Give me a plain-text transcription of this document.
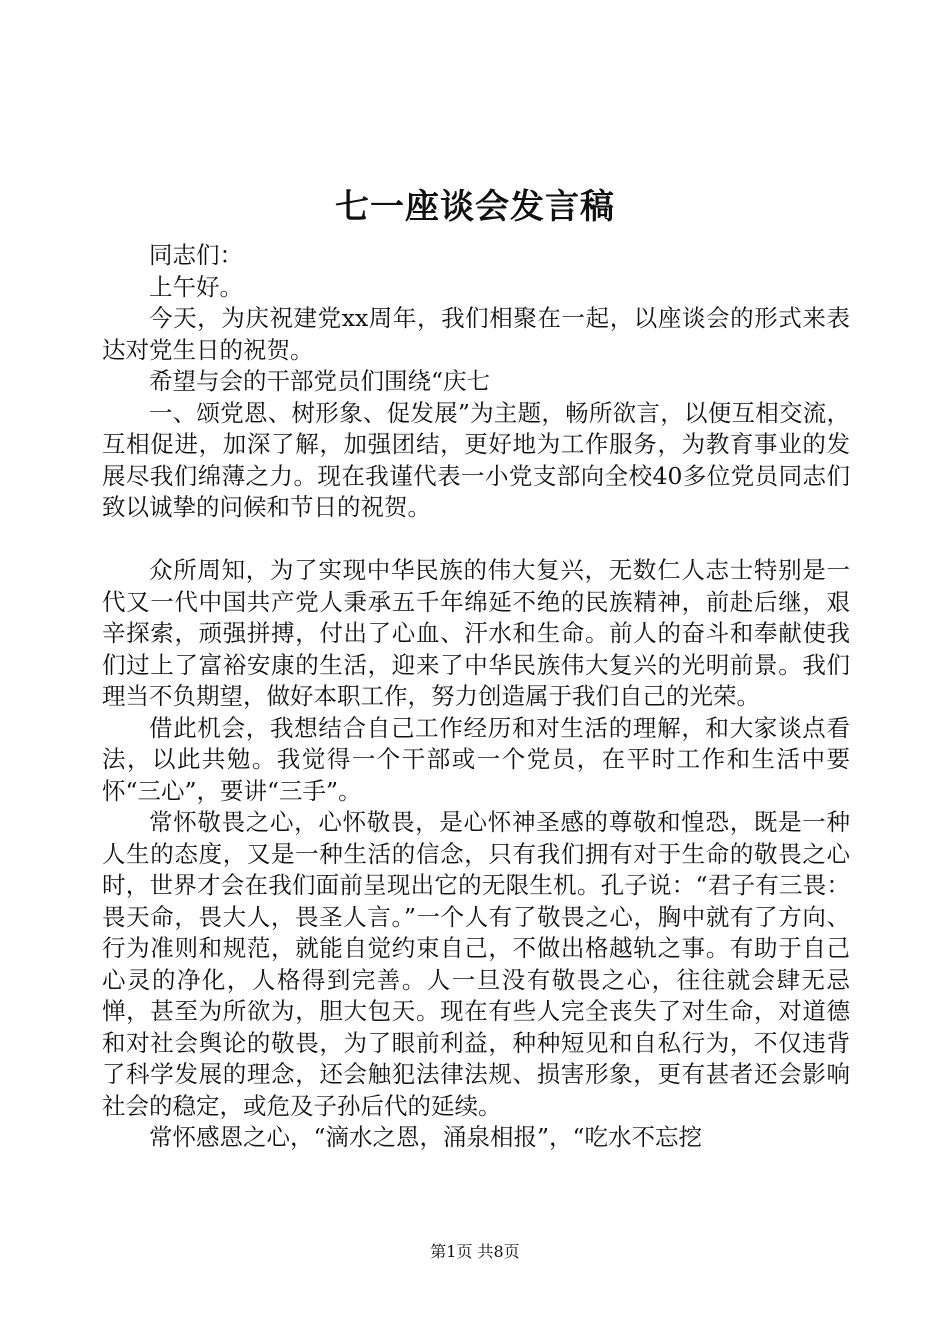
七一座谈会发言稿

同志们：

上午好。

今天，为庆祝建党xx周年，我们相聚在一起，以座谈会的形式来表达对党生日的祝贺。

希望与会的干部党员们围绕“庆七

一、颂党恩、树形象、促发展”为主题，畅所欲言，以便互相交流，互相促进，加深了解，加强团结，更好地为工作服务，为教育事业的发展尽我们绵薄之力。现在我谨代表一小党支部向全校40多位党员同志们致以诚挚的问候和节日的祝贺。

众所周知，为了实现中华民族的伟大复兴，无数仁人志士特别是一代又一代中国共产党人秉承五千年绵延不绝的民族精神，前赴后继，艰辛探索，顽强拼搏，付出了心血、汗水和生命。前人的奋斗和奉献使我们过上了富裕安康的生活，迎来了中华民族伟大复兴的光明前景。我们理当不负期望，做好本职工作，努力创造属于我们自己的光荣。

借此机会，我想结合自己工作经历和对生活的理解，和大家谈点看法，以此共勉。我觉得一个干部或一个党员，在平时工作和生活中要怀“三心”，要讲“三手”。

常怀敬畏之心，心怀敬畏，是心怀神圣感的尊敬和惶恐，既是一种人生的态度，又是一种生活的信念，只有我们拥有对于生命的敬畏之心时，世界才会在我们面前呈现出它的无限生机。孔子说：“君子有三畏：畏天命，畏大人，畏圣人言。”一个人有了敬畏之心，胸中就有了方向、行为准则和规范，就能自觉约束自己，不做出格越轨之事。有助于自己心灵的净化，人格得到完善。人一旦没有敬畏之心，往往就会肆无忌惮，甚至为所欲为，胆大包天。现在有些人完全丧失了对生命，对道德和对社会舆论的敬畏，为了眼前利益，种种短见和自私行为，不仅违背了科学发展的理念，还会触犯法律法规、损害形象，更有甚者还会影响社会的稳定，或危及子孙后代的延续。

常怀感恩之心，“滴水之恩，涌泉相报”，“吃水不忘挖

第1页 共8页
